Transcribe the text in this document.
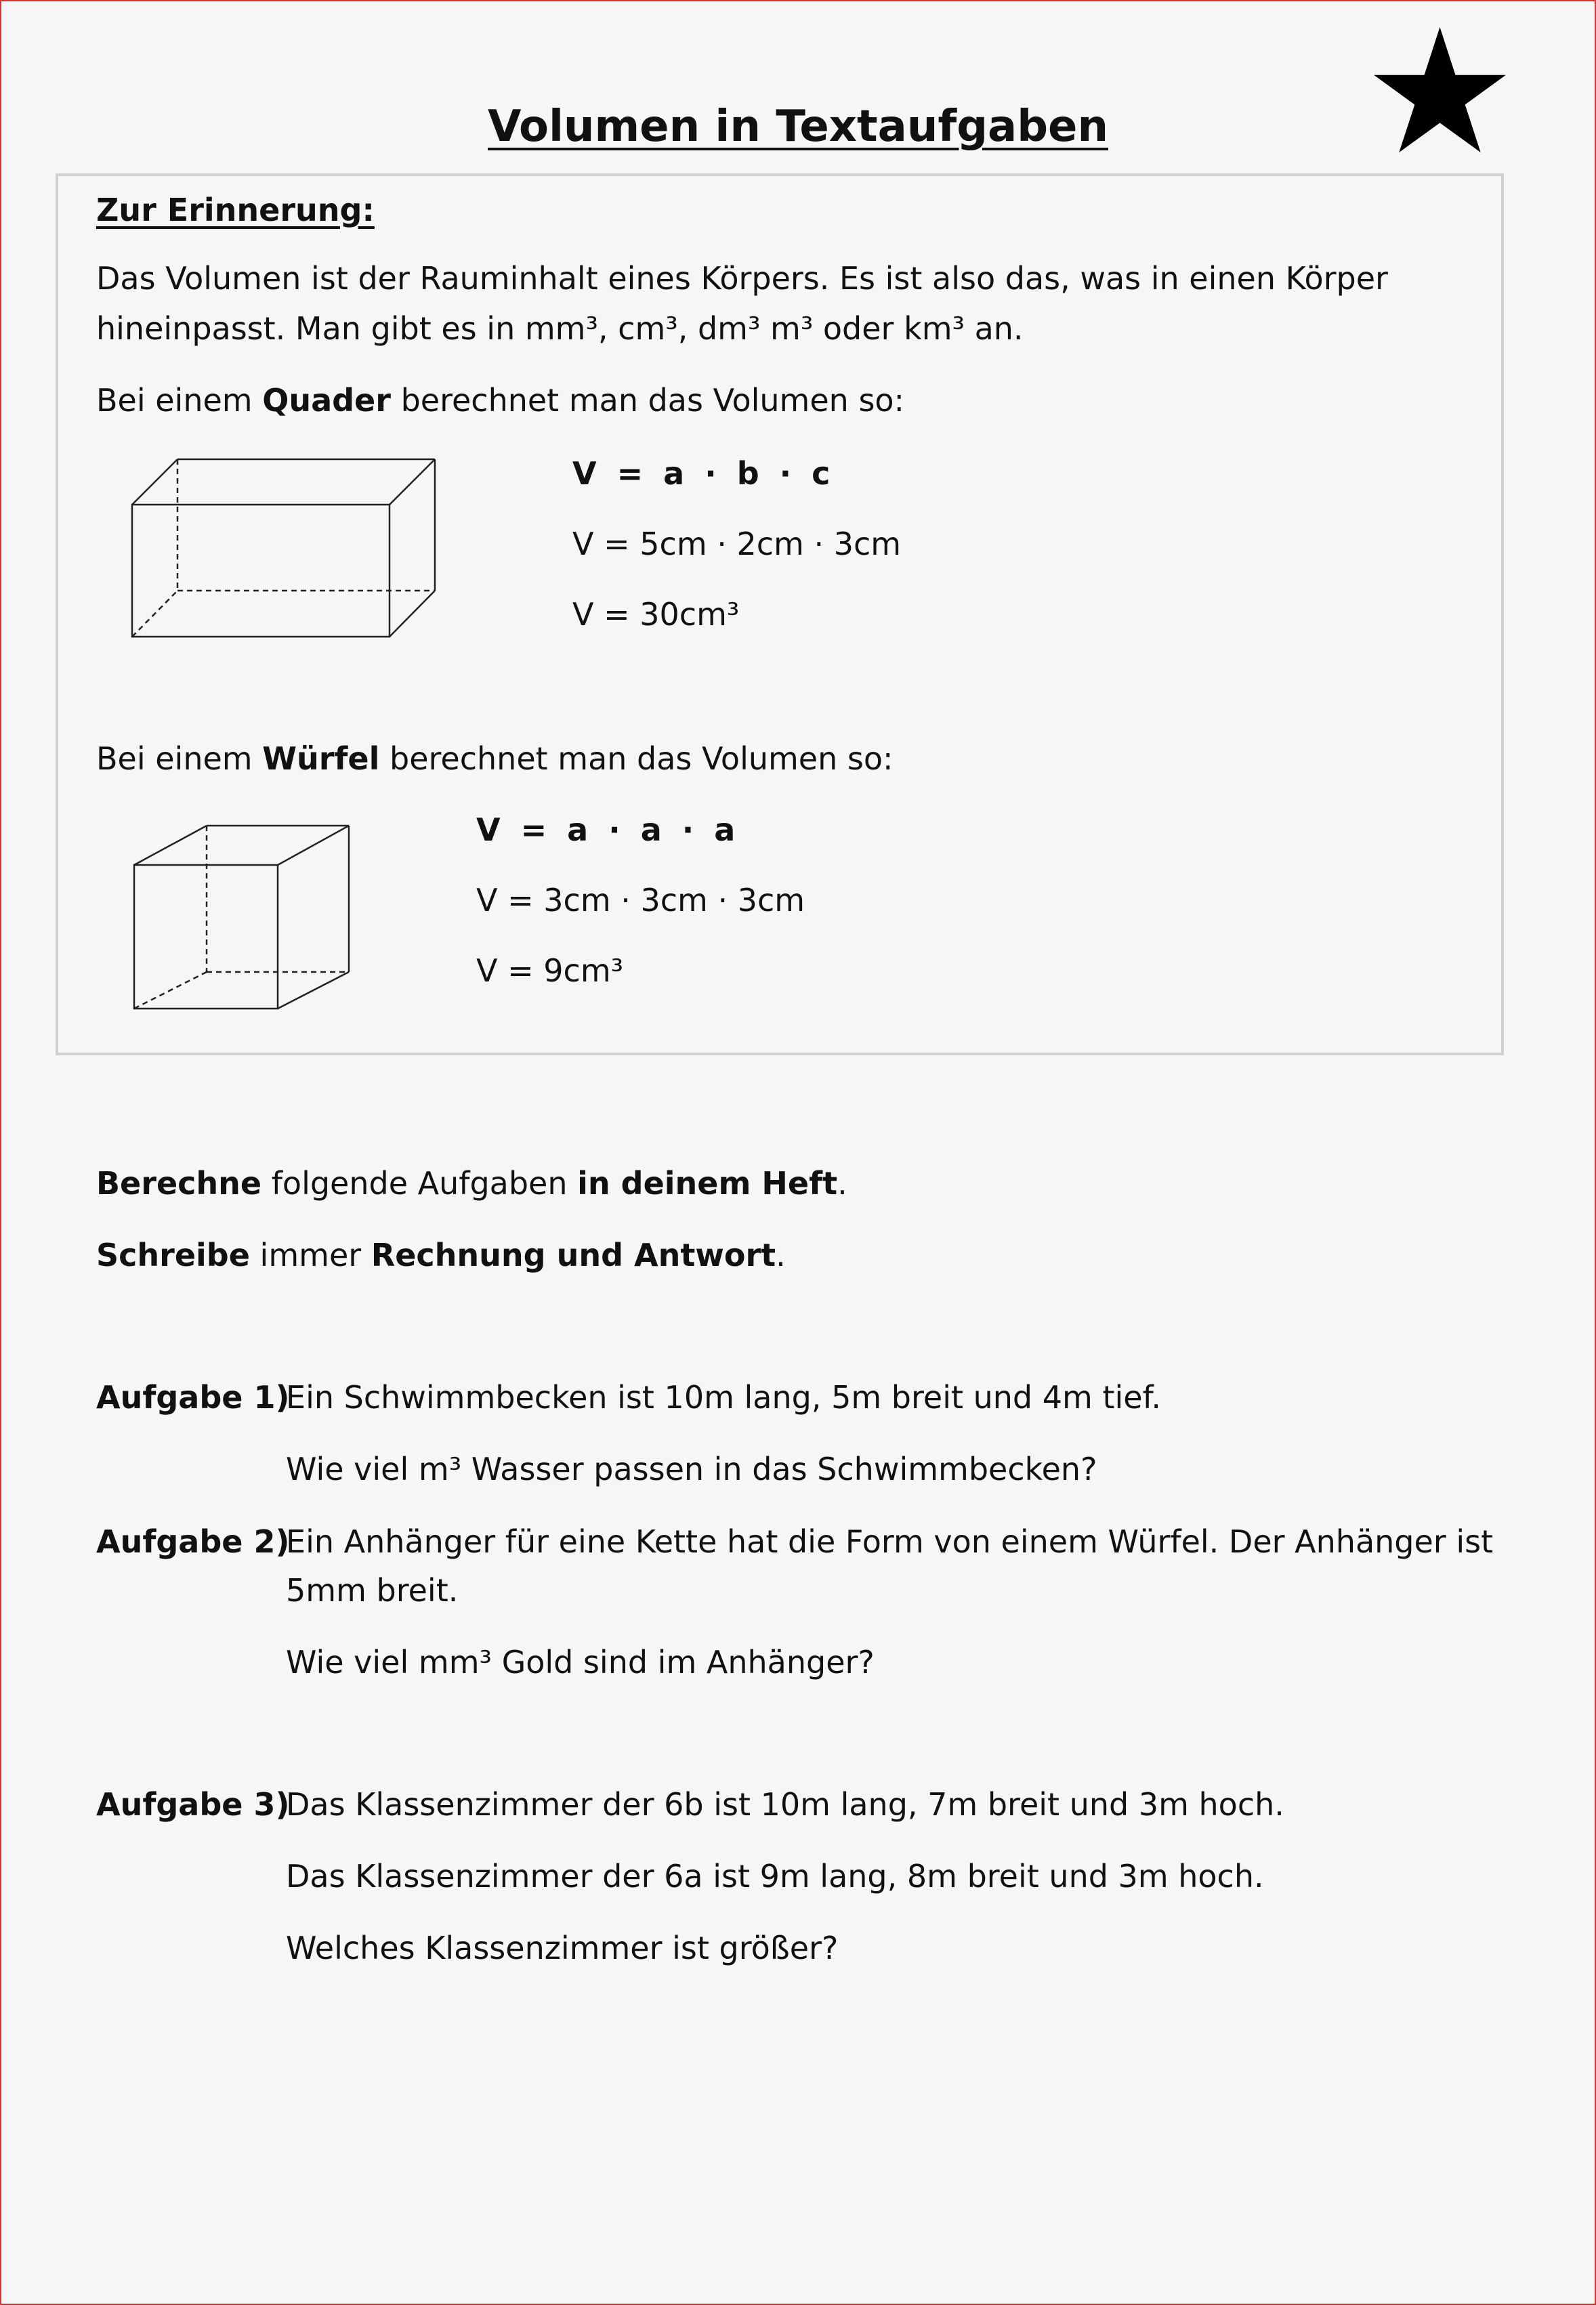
Volumen in Textaufgaben
Zur Erinnerung:
Das Volumen ist der Rauminhalt eines Körpers. Es ist also das, was in einen Körper
hineinpasst. Man gibt es in mm³, cm³, dm³ m³ oder km³ an.
Bei einem Quader berechnet man das Volumen so:
V = a · b · c
V = 5cm · 2cm · 3cm
V = 30cm³
Bei einem Würfel berechnet man das Volumen so:
V = a · a · a
V = 3cm · 3cm · 3cm
V = 9cm³
Berechne folgende Aufgaben in deinem Heft.
Schreibe immer Rechnung und Antwort.
Aufgabe 1)
Ein Schwimmbecken ist 10m lang, 5m breit und 4m tief.
Wie viel m³ Wasser passen in das Schwimmbecken?
Aufgabe 2)
Ein Anhänger für eine Kette hat die Form von einem Würfel. Der Anhänger ist
5mm breit.
Wie viel mm³ Gold sind im Anhänger?
Aufgabe 3)
Das Klassenzimmer der 6b ist 10m lang, 7m breit und 3m hoch.
Das Klassenzimmer der 6a ist 9m lang, 8m breit und 3m hoch.
Welches Klassenzimmer ist größer?
